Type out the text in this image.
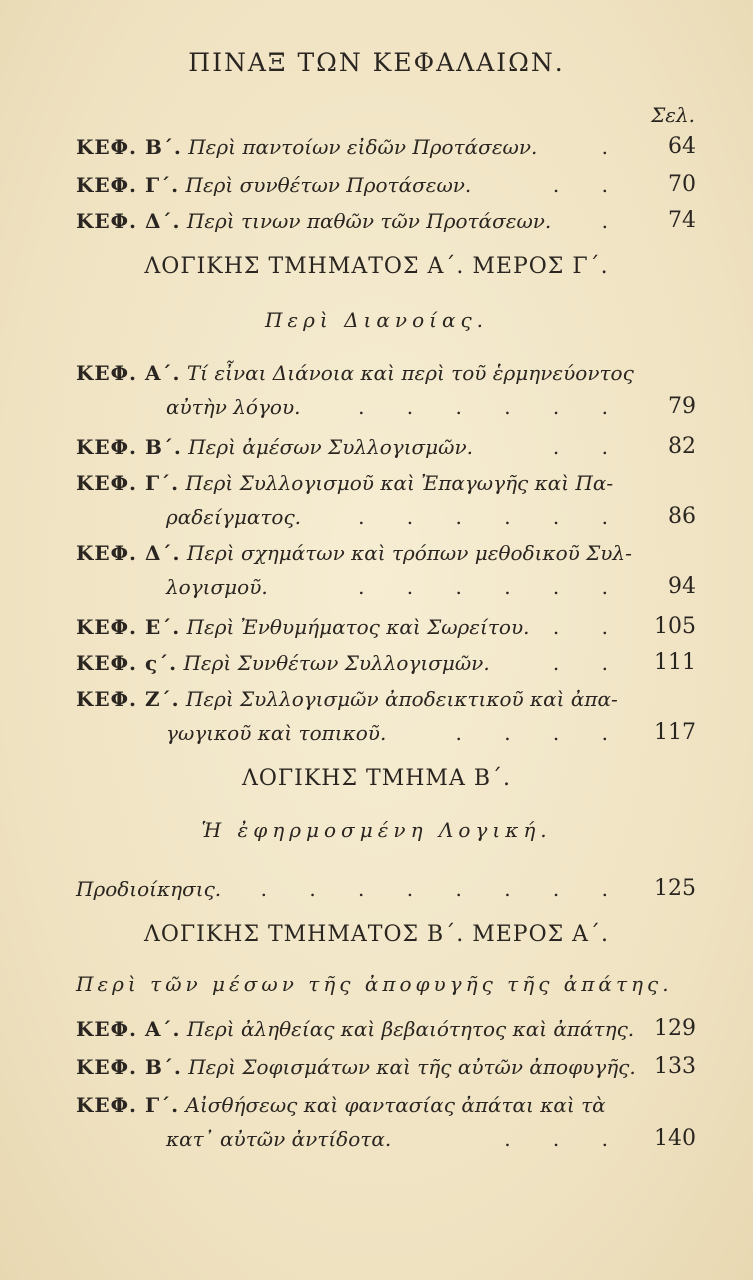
ΠΙΝΑΞ ΤΩΝ ΚΕΦΑΛΑΙΩΝ.
Σελ.
ΚΕΦ. Β΄. Περὶ παντοίων εἰδῶν Προτάσεων.	. 64
ΚΕΦ. Γ΄. Περὶ συνθέτων Προτάσεων.	. . 70
ΚΕΦ. Δ΄. Περὶ τινων παθῶν τῶν Προτάσεων.	. 74
ΛΟΓΙΚΗΣ ΤΜΗΜΑΤΟΣ Α΄. ΜΕΡΟΣ Γ΄.
Περὶ Διανοίας.
ΚΕΦ. Α΄. Τί εἶναι Διάνοια καὶ περὶ τοῦ ἑρμηνεύοντος
αὐτὴν λόγου.	. . . . . . 79
ΚΕΦ. Β΄. Περὶ ἀμέσων Συλλογισμῶν.	. . 82
ΚΕΦ. Γ΄. Περὶ Συλλογισμοῦ καὶ Ἐπαγωγῆς καὶ Πα-
ραδείγματος.	. . . . . . 86
ΚΕΦ. Δ΄. Περὶ σχημάτων καὶ τρόπων μεθοδικοῦ Συλ-
λογισμοῦ.	. . . . . . 94
ΚΕΦ. Ε΄. Περὶ Ἐνθυμήματος καὶ Σωρείτου. . . 105
ΚΕΦ. ς΄. Περὶ Συνθέτων Συλλογισμῶν.	. . 111
ΚΕΦ. Ζ΄. Περὶ Συλλογισμῶν ἀποδεικτικοῦ καὶ ἀπα-
γωγικοῦ καὶ τοπικοῦ.	. . . . 117
ΛΟΓΙΚΗΣ ΤΜΗΜΑ Β΄.
Ἡ ἐφηρμοσμένη Λογική.
Προδιοίκησις. . . . . . . . . 125
ΛΟΓΙΚΗΣ ΤΜΗΜΑΤΟΣ Β΄. ΜΕΡΟΣ Α΄.
Περὶ τῶν μέσων τῆς ἀποφυγῆς τῆς ἀπάτης.
ΚΕΦ. Α΄. Περὶ ἀληθείας καὶ βεβαιότητος καὶ ἀπάτης. 129
ΚΕΦ. Β΄. Περὶ Σοφισμάτων καὶ τῆς αὐτῶν ἀποφυγῆς. 133
ΚΕΦ. Γ΄. Αἰσθήσεως καὶ φαντασίας ἀπάται καὶ τὰ
κατ᾽ αὐτῶν ἀντίδοτα.	. . . 140
